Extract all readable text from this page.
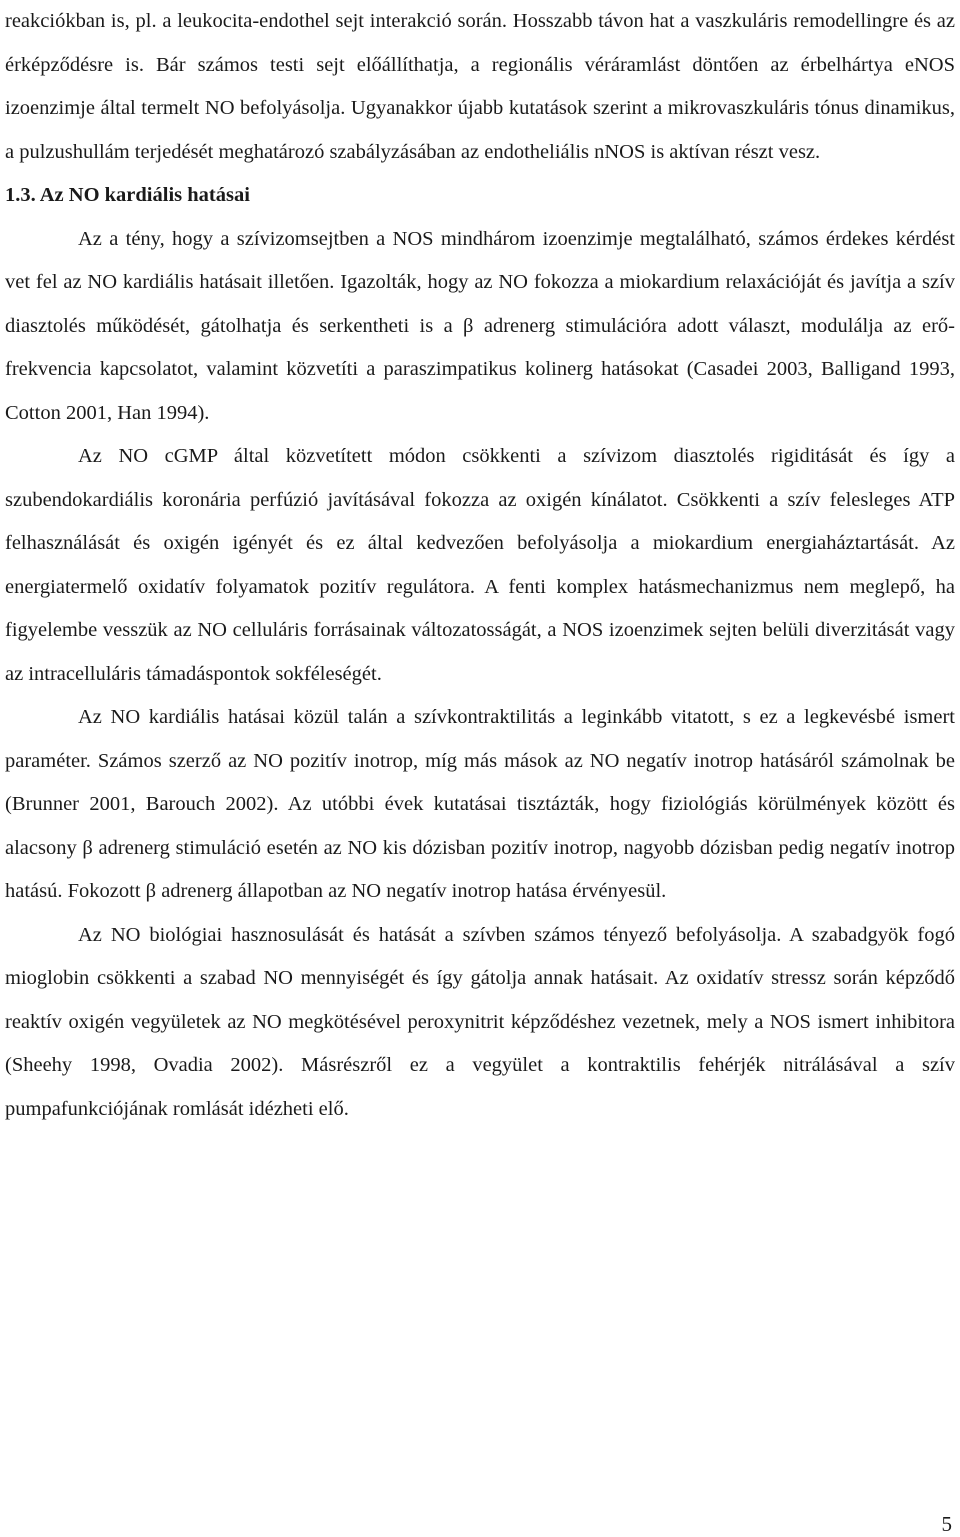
reakciókban is, pl. a leukocita-endothel sejt interakció során. Hosszabb távon hat a vaszkuláris remodellingre és az érképződésre is. Bár számos testi sejt előállíthatja, a regionális véráramlást döntően az érbelhártya eNOS izoenzimje által termelt NO befolyásolja. Ugyanakkor újabb kutatások szerint a mikrovaszkuláris tónus dinamikus, a pulzushullám terjedését meghatározó szabályzásában az endotheliális nNOS is aktívan részt vesz.

1.3. Az NO kardiális hatásai

Az a tény, hogy a szívizomsejtben a NOS mindhárom izoenzimje megtalálható, számos érdekes kérdést vet fel az NO kardiális hatásait illetően. Igazolták, hogy az NO fokozza a miokardium relaxációját és javítja a szív diasztolés működését, gátolhatja és serkentheti is a β adrenerg stimulációra adott választ, modulálja az erő-frekvencia kapcsolatot, valamint közvetíti a paraszimpatikus kolinerg hatásokat (Casadei 2003, Balligand 1993, Cotton 2001, Han 1994).

Az NO cGMP által közvetített módon csökkenti a szívizom diasztolés rigiditását és így a szubendokardiális koronária perfúzió javításával fokozza az oxigén kínálatot. Csökkenti a szív felesleges ATP felhasználását és oxigén igényét és ez által kedvezően befolyásolja a miokardium energiaháztartását. Az energiatermelő oxidatív folyamatok pozitív regulátora. A fenti komplex hatásmechanizmus nem meglepő, ha figyelembe vesszük az NO celluláris forrásainak változatosságát, a NOS izoenzimek sejten belüli diverzitását vagy az intracelluláris támadáspontok sokféleségét.

Az NO kardiális hatásai közül talán a szívkontraktilitás a leginkább vitatott, s ez a legkevésbé ismert paraméter. Számos szerző az NO pozitív inotrop, míg más mások az NO negatív inotrop hatásáról számolnak be (Brunner 2001, Barouch 2002). Az utóbbi évek kutatásai tisztázták, hogy fiziológiás körülmények között és alacsony β adrenerg stimuláció esetén az NO kis dózisban pozitív inotrop, nagyobb dózisban pedig negatív inotrop hatású. Fokozott β adrenerg állapotban az NO negatív inotrop hatása érvényesül.

Az NO biológiai hasznosulását és hatását a szívben számos tényező befolyásolja. A szabadgyök fogó mioglobin csökkenti a szabad NO mennyiségét és így gátolja annak hatásait. Az oxidatív stressz során képződő reaktív oxigén vegyületek az NO megkötésével peroxynitrit képződéshez vezetnek, mely a NOS ismert inhibitora (Sheehy 1998, Ovadia 2002). Másrészről ez a vegyület a kontraktilis fehérjék nitrálásával a szív pumpafunkciójának romlását idézheti elő.

5
